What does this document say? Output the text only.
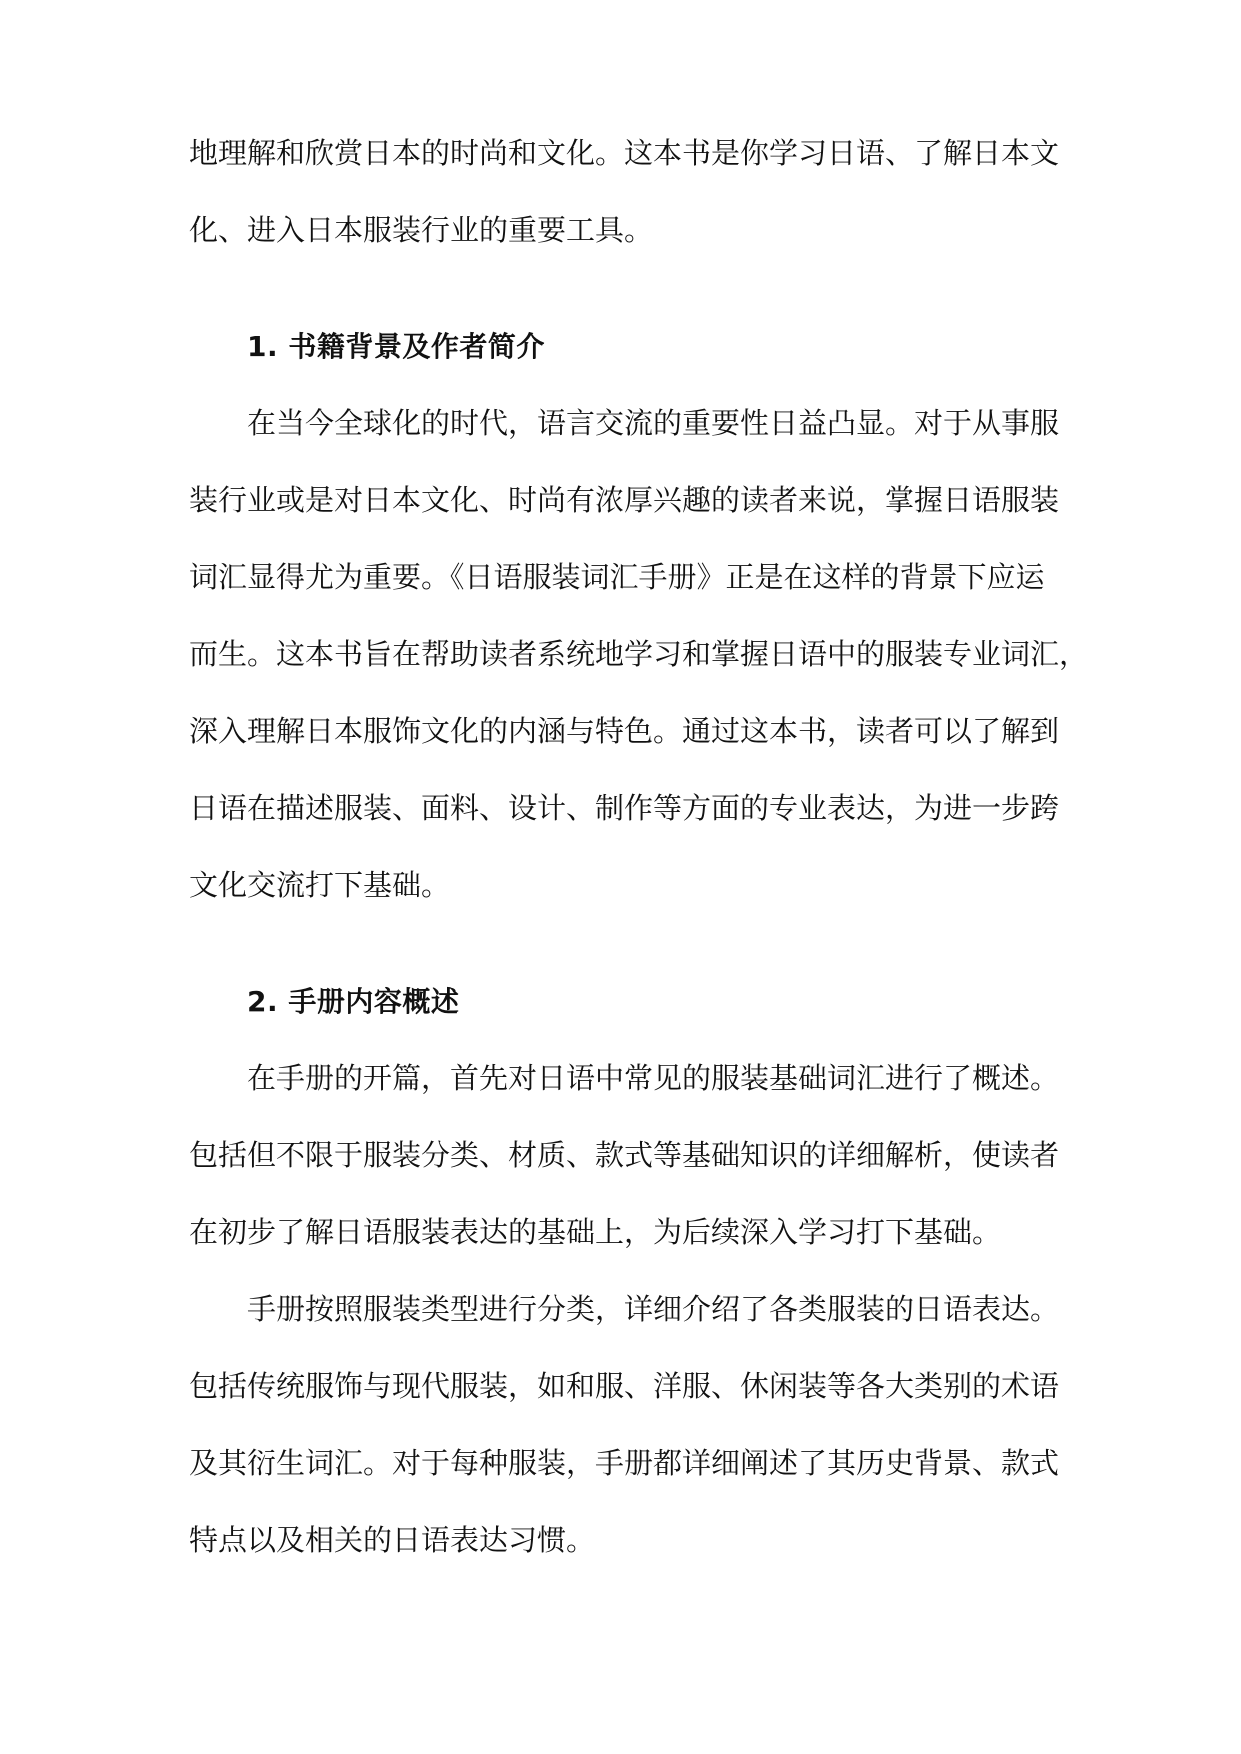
地理解和欣赏日本的时尚和文化。这本书是你学习日语、了解日本文
化、进入日本服装行业的重要工具。
1. 书籍背景及作者简介
在当今全球化的时代，语言交流的重要性日益凸显。对于从事服
装行业或是对日本文化、时尚有浓厚兴趣的读者来说，掌握日语服装
词汇显得尤为重要。《日语服装词汇手册》正是在这样的背景下应运
而生。这本书旨在帮助读者系统地学习和掌握日语中的服装专业词汇，
深入理解日本服饰文化的内涵与特色。通过这本书，读者可以了解到
日语在描述服装、面料、设计、制作等方面的专业表达，为进一步跨
文化交流打下基础。
2. 手册内容概述
在手册的开篇，首先对日语中常见的服装基础词汇进行了概述。
包括但不限于服装分类、材质、款式等基础知识的详细解析，使读者
在初步了解日语服装表达的基础上，为后续深入学习打下基础。
手册按照服装类型进行分类，详细介绍了各类服装的日语表达。
包括传统服饰与现代服装，如和服、洋服、休闲装等各大类别的术语
及其衍生词汇。对于每种服装，手册都详细阐述了其历史背景、款式
特点以及相关的日语表达习惯。
